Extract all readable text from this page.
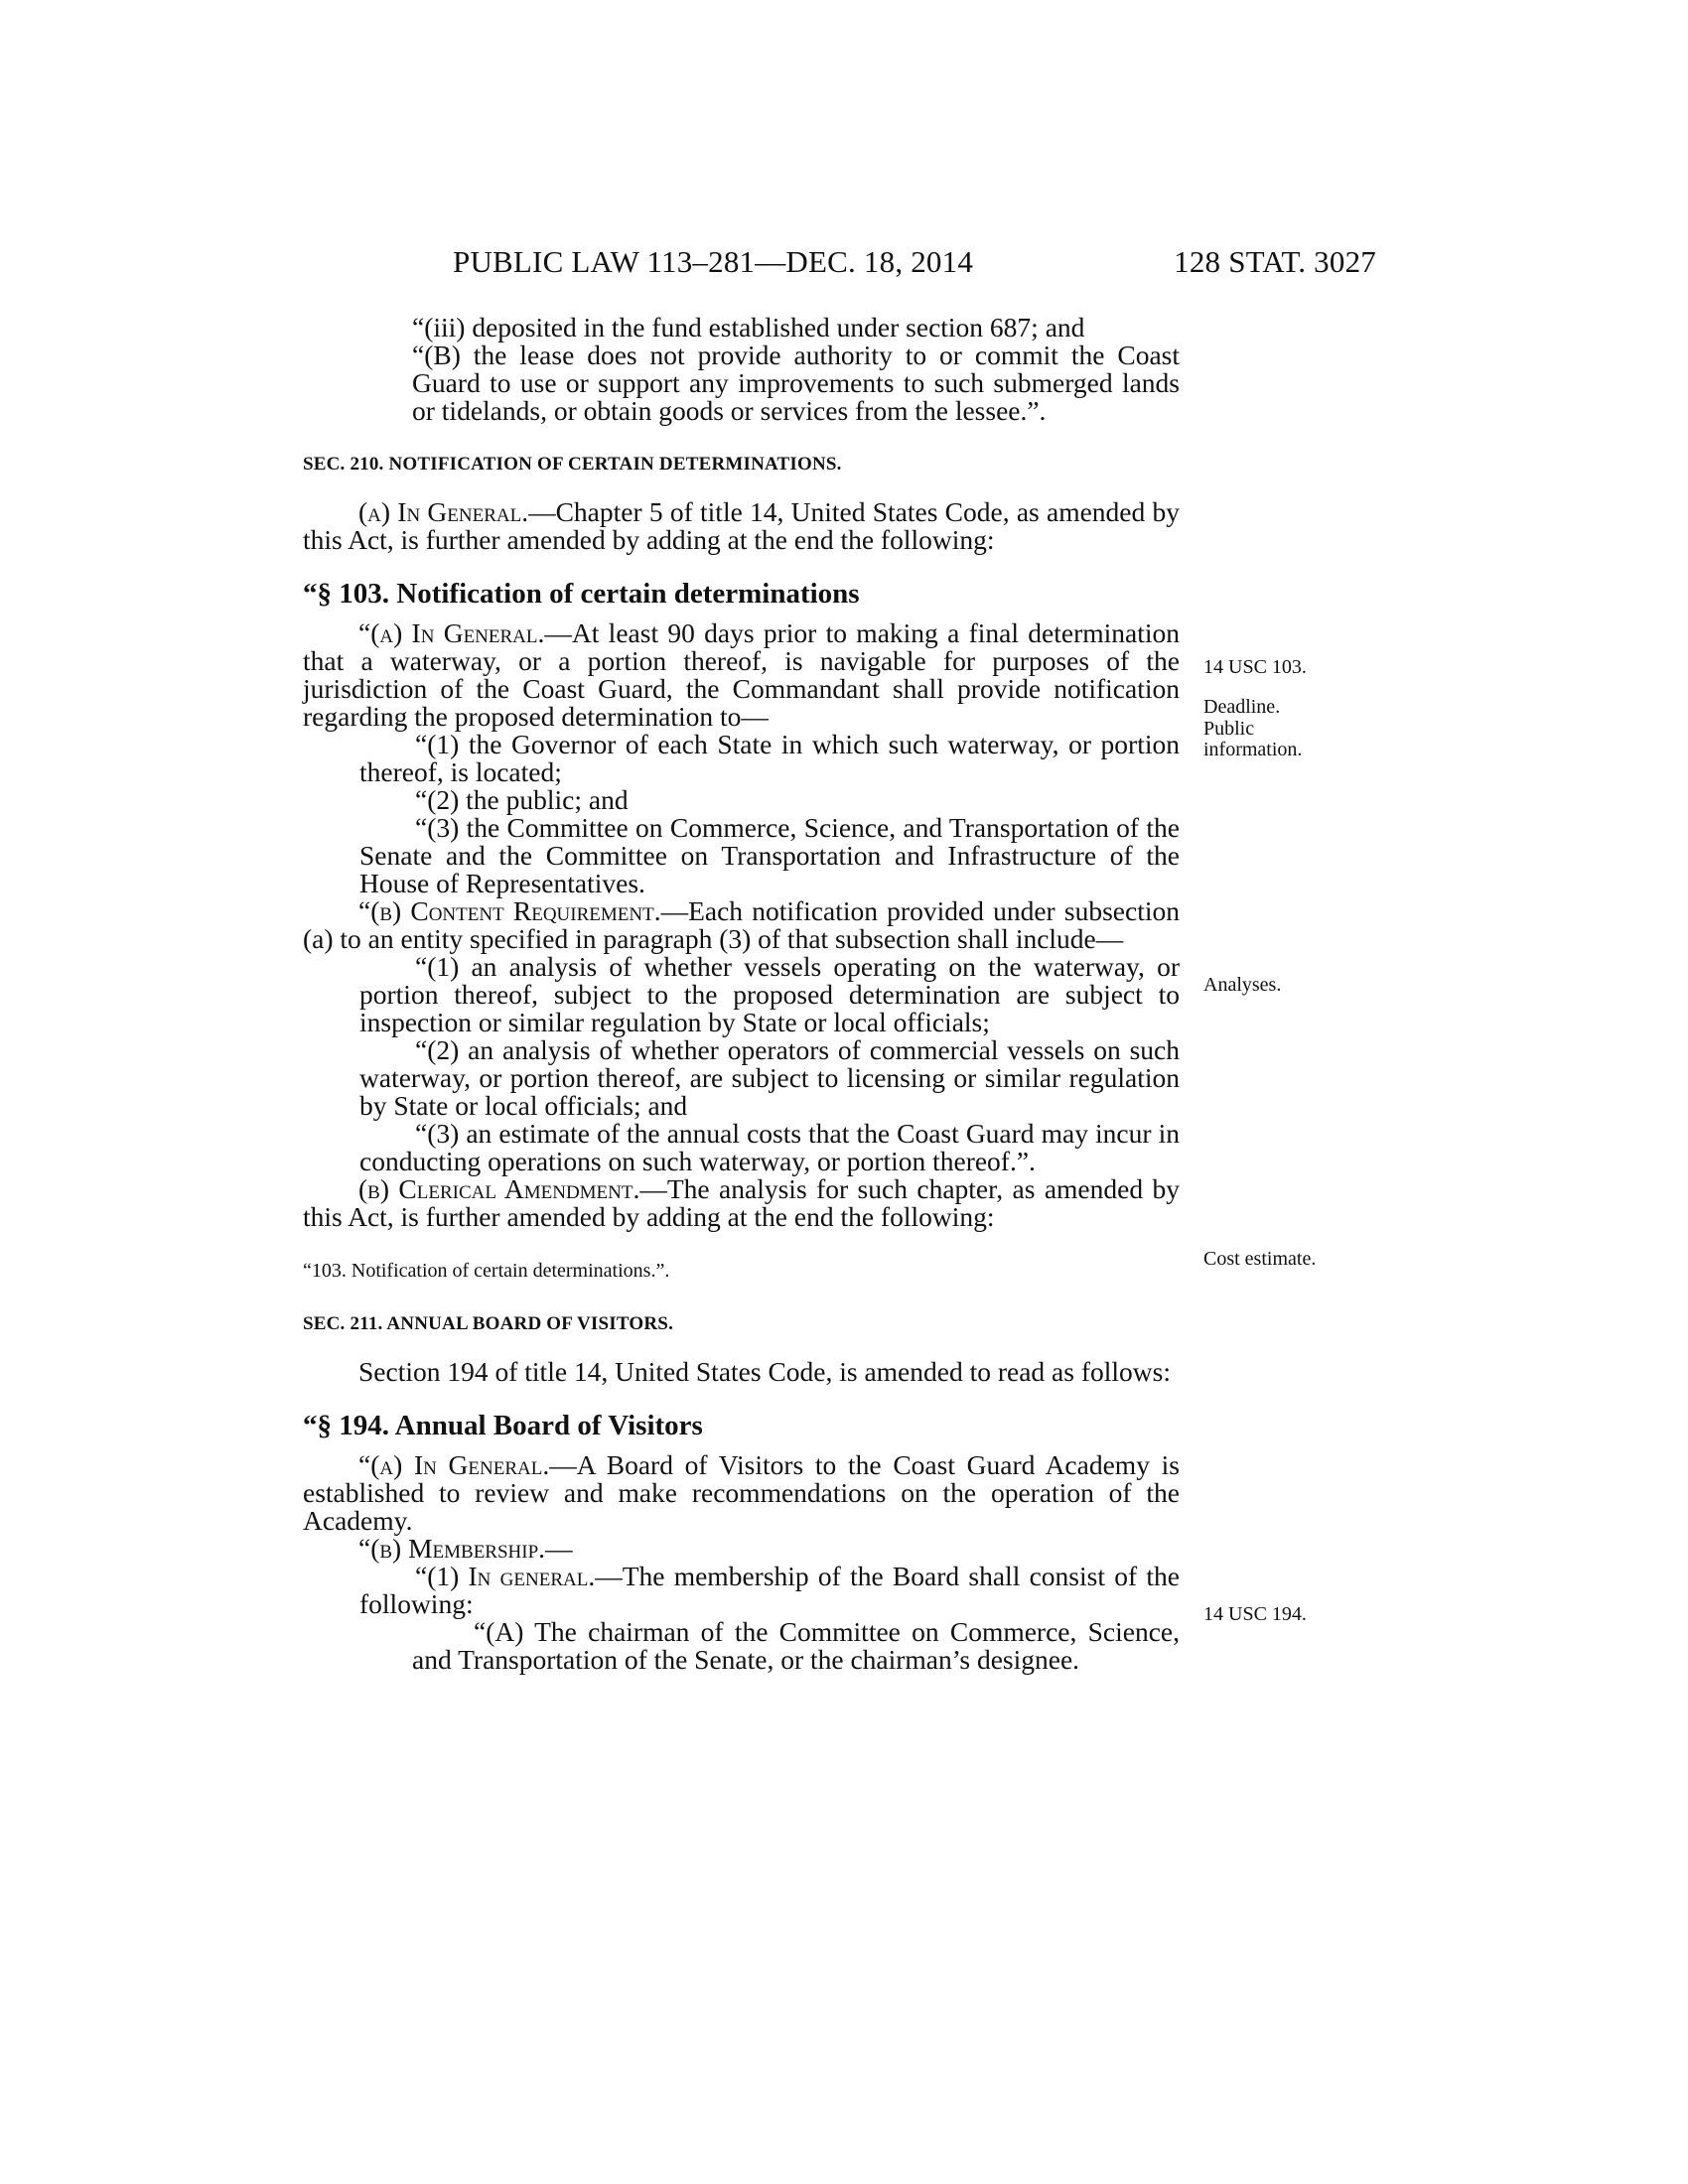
PUBLIC LAW 113–281—DEC. 18, 2014	128 STAT. 3027

“(iii) deposited in the fund established under section 687; and

“(B) the lease does not provide authority to or commit the Coast Guard to use or support any improvements to such submerged lands or tidelands, or obtain goods or services from the lessee.”.

SEC. 210. NOTIFICATION OF CERTAIN DETERMINATIONS.

(a) In General.—Chapter 5 of title 14, United States Code, as amended by this Act, is further amended by adding at the end the following:

“§ 103. Notification of certain determinations

“(a) In General.—At least 90 days prior to making a final determination that a waterway, or a portion thereof, is navigable for purposes of the jurisdiction of the Coast Guard, the Commandant shall provide notification regarding the proposed determination to—

“(1) the Governor of each State in which such waterway, or portion thereof, is located;

“(2) the public; and

“(3) the Committee on Commerce, Science, and Transportation of the Senate and the Committee on Transportation and Infrastructure of the House of Representatives.

“(b) Content Requirement.—Each notification provided under subsection (a) to an entity specified in paragraph (3) of that subsection shall include—

“(1) an analysis of whether vessels operating on the waterway, or portion thereof, subject to the proposed determination are subject to inspection or similar regulation by State or local officials;

“(2) an analysis of whether operators of commercial vessels on such waterway, or portion thereof, are subject to licensing or similar regulation by State or local officials; and

“(3) an estimate of the annual costs that the Coast Guard may incur in conducting operations on such waterway, or portion thereof.”.

(b) Clerical Amendment.—The analysis for such chapter, as amended by this Act, is further amended by adding at the end the following:

“103. Notification of certain determinations.”.

SEC. 211. ANNUAL BOARD OF VISITORS.

Section 194 of title 14, United States Code, is amended to read as follows:

“§ 194. Annual Board of Visitors

“(a) In General.—A Board of Visitors to the Coast Guard Academy is established to review and make recommendations on the operation of the Academy.

“(b) Membership.—

“(1) In general.—The membership of the Board shall consist of the following:

“(A) The chairman of the Committee on Commerce, Science, and Transportation of the Senate, or the chairman’s designee.

14 USC 103.
Deadline.
Public information.
Analyses.
Cost estimate.
14 USC 194.
